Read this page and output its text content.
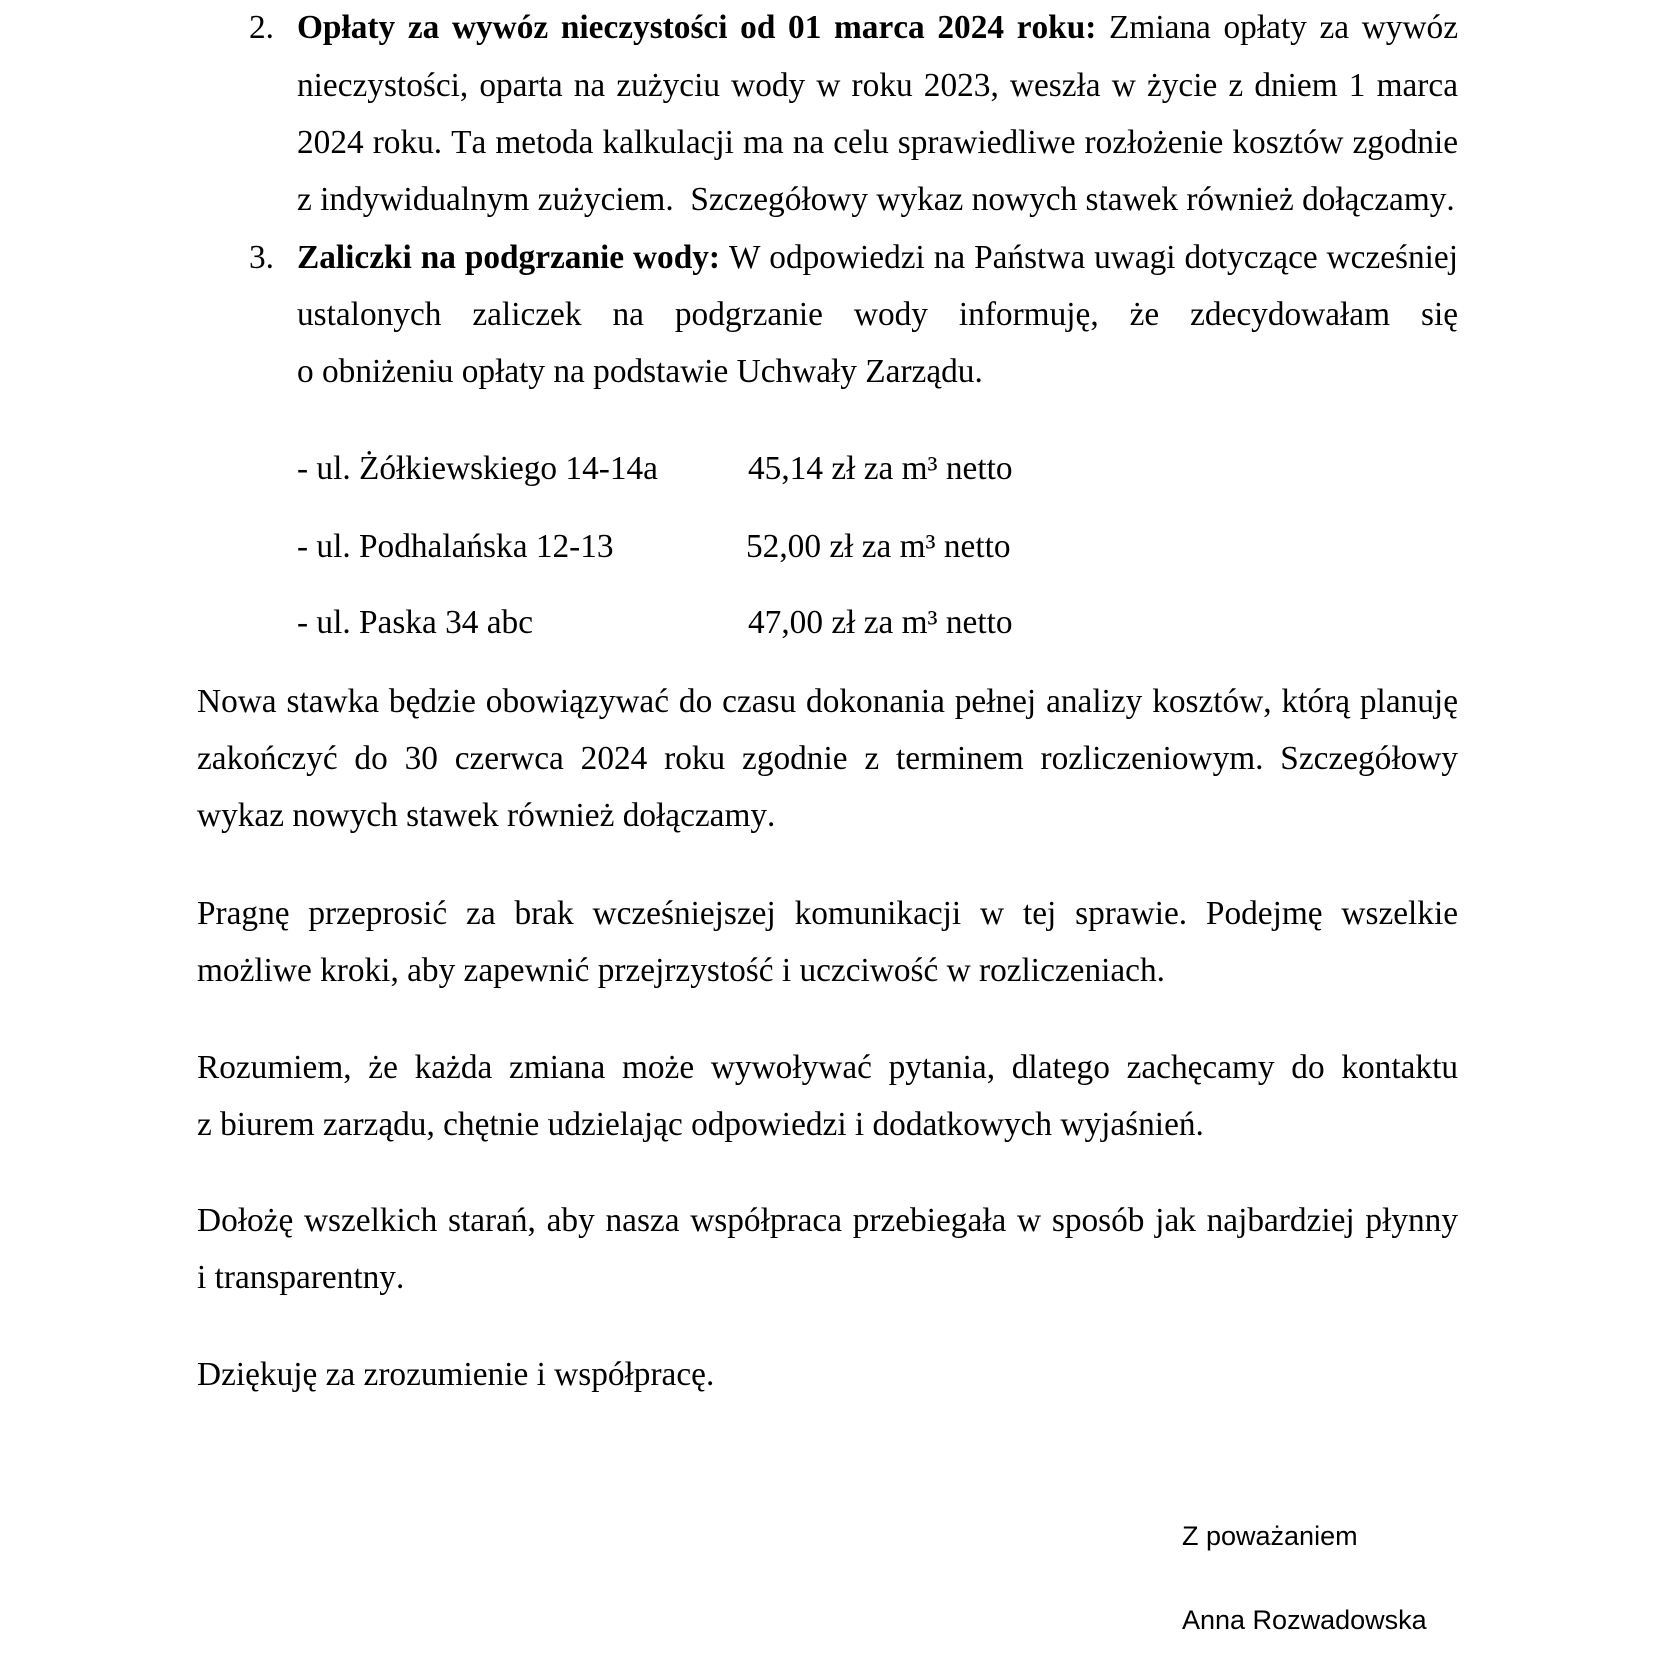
2. Opłaty za wywóz nieczystości od 01 marca 2024 roku: Zmiana opłaty za wywóz
nieczystości, oparta na zużyciu wody w roku 2023, weszła w życie z dniem 1 marca
2024 roku. Ta metoda kalkulacji ma na celu sprawiedliwe rozłożenie kosztów zgodnie
z indywidualnym zużyciem.  Szczegółowy wykaz nowych stawek również dołączamy.
3. Zaliczki na podgrzanie wody: W odpowiedzi na Państwa uwagi dotyczące wcześniej
ustalonych zaliczek na podgrzanie wody informuję, że zdecydowałam się
o obniżeniu opłaty na podstawie Uchwały Zarządu.
- ul. Żółkiewskiego 14-14a	45,14 zł za m³ netto
- ul. Podhalańska 12-13	52,00 zł za m³ netto
- ul. Paska 34 abc	47,00 zł za m³ netto
Nowa stawka będzie obowiązywać do czasu dokonania pełnej analizy kosztów, którą planuję
zakończyć do 30 czerwca 2024 roku zgodnie z terminem rozliczeniowym. Szczegółowy
wykaz nowych stawek również dołączamy.
Pragnę przeprosić za brak wcześniejszej komunikacji w tej sprawie. Podejmę wszelkie
możliwe kroki, aby zapewnić przejrzystość i uczciwość w rozliczeniach.
Rozumiem, że każda zmiana może wywoływać pytania, dlatego zachęcamy do kontaktu
z biurem zarządu, chętnie udzielając odpowiedzi i dodatkowych wyjaśnień.
Dołożę wszelkich starań, aby nasza współpraca przebiegała w sposób jak najbardziej płynny
i transparentny.
Dziękuję za zrozumienie i współpracę.
Z poważaniem
Anna Rozwadowska
